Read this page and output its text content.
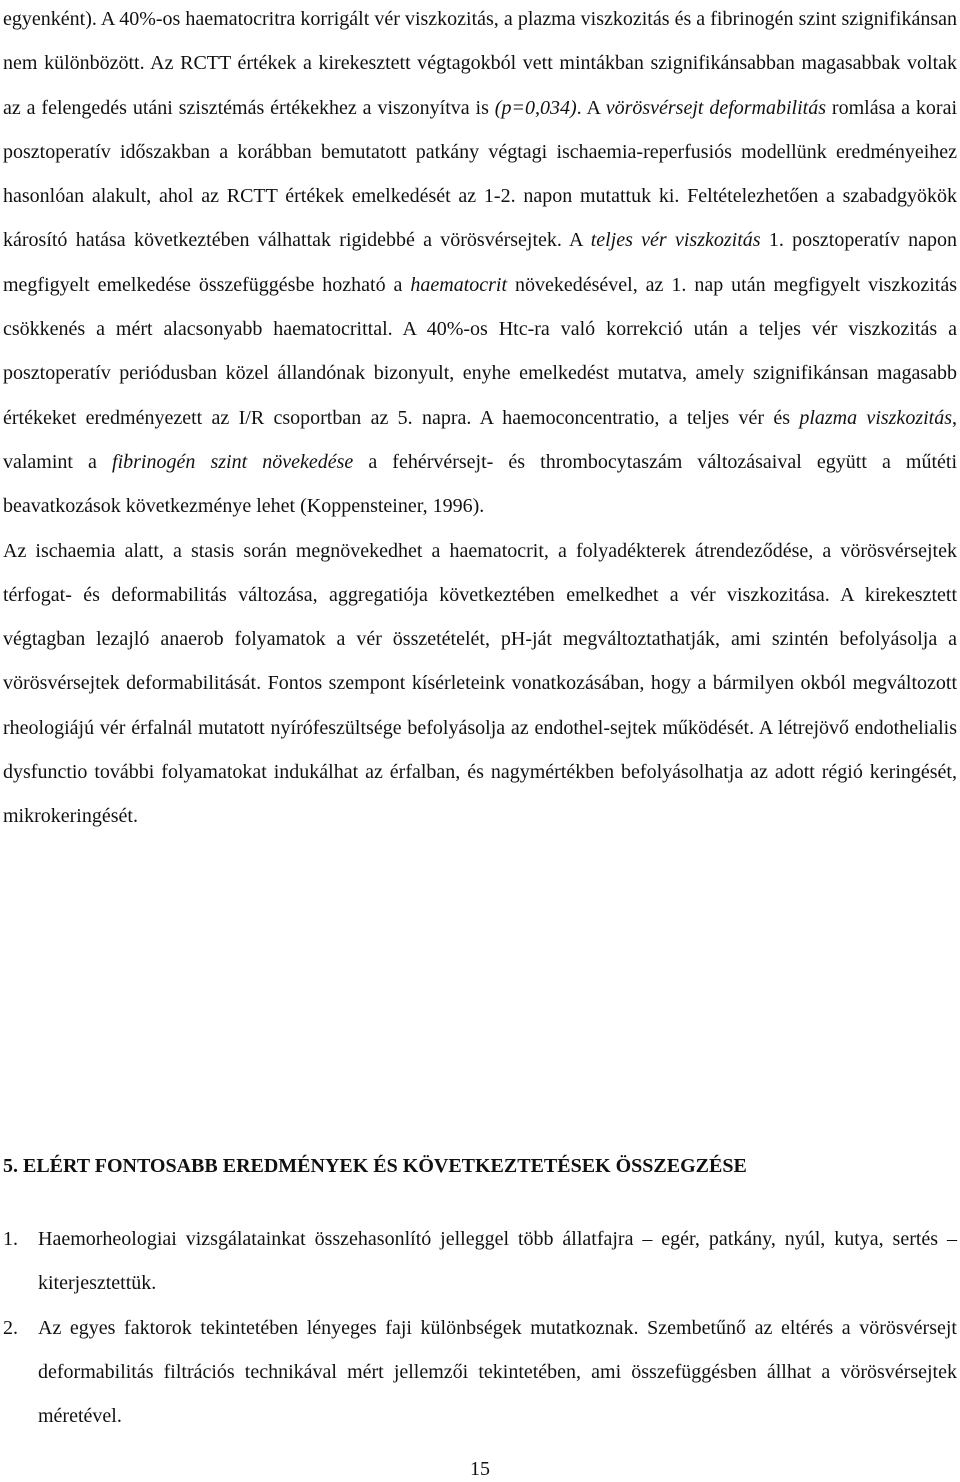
egyenként). A 40%-os haematocritra korrigált vér viszkozitás, a plazma viszkozitás és a fibrinogén szint szignifikánsan nem különbözött. Az RCTT értékek a kirekesztett végtagokból vett mintákban szignifikánsabban magasabbak voltak az a felengedés utáni szisztémás értékekhez a viszonyítva is (p=0,034). A vörösvérsejt deformabilitás romlása a korai posztoperatív időszakban a korábban bemutatott patkány végtagi ischaemia-reperfusiós modellünk eredményeihez hasonlóan alakult, ahol az RCTT értékek emelkedését az 1-2. napon mutattuk ki. Feltételezhetően a szabadgyökök károsító hatása következtében válhattak rigidebbé a vörösvérsejtek. A teljes vér viszkozitás 1. posztoperatív napon megfigyelt emelkedése összefüggésbe hozható a haematocrit növekedésével, az 1. nap után megfigyelt viszkozitás csökkenés a mért alacsonyabb haematocrittal. A 40%-os Htc-ra való korrekció után a teljes vér viszkozitás a posztoperatív periódusban közel állandónak bizonyult, enyhe emelkedést mutatva, amely szignifikánsan magasabb értékeket eredményezett az I/R csoportban az 5. napra. A haemoconcentratio, a teljes vér és plazma viszkozitás, valamint a fibrinogén szint növekedése a fehérvérsejt- és thrombocytaszám változásaival együtt a műtéti beavatkozások következménye lehet (Koppensteiner, 1996).

Az ischaemia alatt, a stasis során megnövekedhet a haematocrit, a folyadékterek átrendeződése, a vörösvérsejtek térfogat- és deformabilitás változása, aggregatiója következtében emelkedhet a vér viszkozitása. A kirekesztett végtagban lezajló anaerob folyamatok a vér összetételét, pH-ját megváltoztathatják, ami szintén befolyásolja a vörösvérsejtek deformabilitását. Fontos szempont kísérleteink vonatkozásában, hogy a bármilyen okból megváltozott rheologiájú vér érfalnál mutatott nyírófeszültsége befolyásolja az endothel-sejtek működését. A létrejövő endothelialis dysfunctio további folyamatokat indukálhat az érfalban, és nagymértékben befolyásolhatja az adott régió keringését, mikrokeringését.

5. ELÉRT FONTOSABB EREDMÉNYEK ÉS KÖVETKEZTETÉSEK ÖSSZEGZÉSE
1. Haemorheologiai vizsgálatainkat összehasonlító jelleggel több állatfajra – egér, patkány, nyúl, kutya, sertés – kiterjesztettük.
2. Az egyes faktorok tekintetében lényeges faji különbségek mutatkoznak. Szembetűnő az eltérés a vörösvérsejt deformabilitás filtrációs technikával mért jellemzői tekintetében, ami összefüggésben állhat a vörösvérsejtek méretével.
15
